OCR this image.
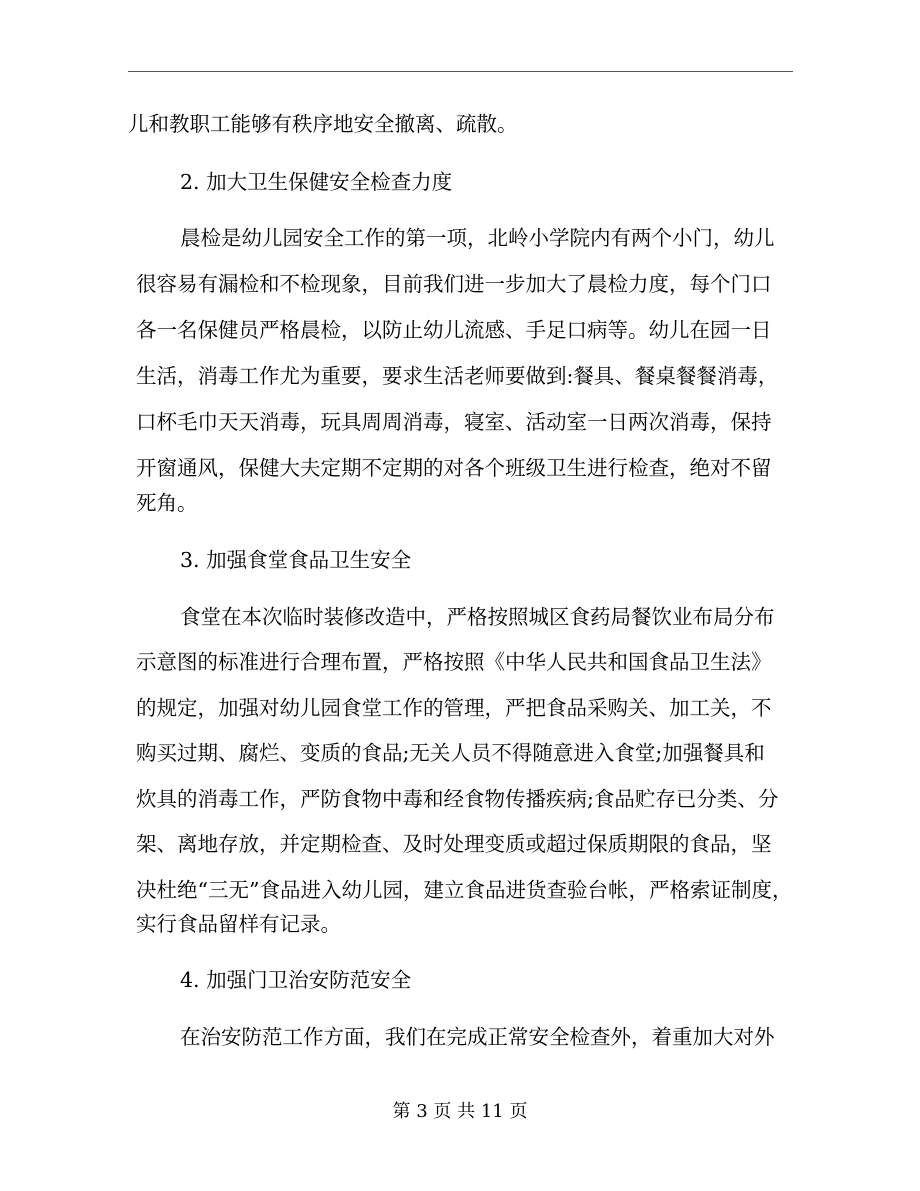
儿和教职工能够有秩序地安全撤离、疏散。
2. 加大卫生保健安全检查力度
晨检是幼儿园安全工作的第一项，北岭小学院内有两个小门，幼儿
很容易有漏检和不检现象，目前我们进一步加大了晨检力度，每个门口
各一名保健员严格晨检，以防止幼儿流感、手足口病等。幼儿在园一日
生活，消毒工作尤为重要，要求生活老师要做到:餐具、餐桌餐餐消毒，
口杯毛巾天天消毒，玩具周周消毒，寝室、活动室一日两次消毒，保持
开窗通风，保健大夫定期不定期的对各个班级卫生进行检查，绝对不留
死角。
3. 加强食堂食品卫生安全
食堂在本次临时装修改造中，严格按照城区食药局餐饮业布局分布
示意图的标准进行合理布置，严格按照《中华人民共和国食品卫生法》
的规定，加强对幼儿园食堂工作的管理，严把食品采购关、加工关，不
购买过期、腐烂、变质的食品;无关人员不得随意进入食堂;加强餐具和
炊具的消毒工作，严防食物中毒和经食物传播疾病;食品贮存已分类、分
架、离地存放，并定期检查、及时处理变质或超过保质期限的食品，坚
决杜绝“三无”食品进入幼儿园，建立食品进货查验台帐，严格索证制度，
实行食品留样有记录。
4. 加强门卫治安防范安全
在治安防范工作方面，我们在完成正常安全检查外，着重加大对外
第 3 页 共 11 页
